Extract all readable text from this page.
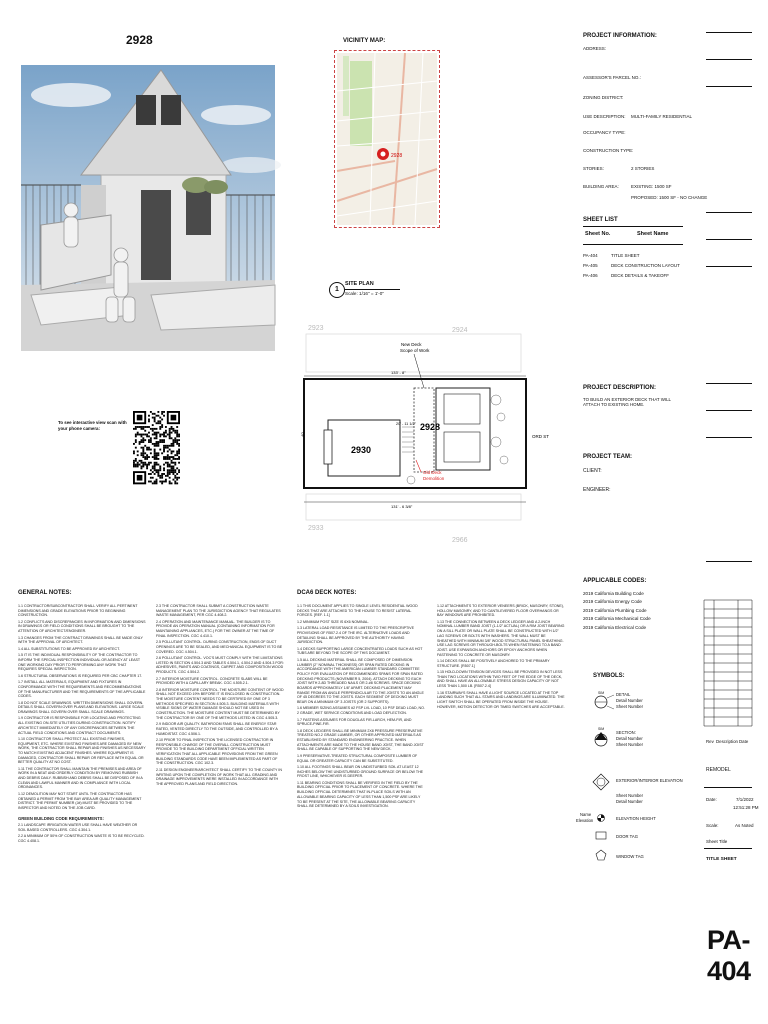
2928
To see interactive view scan with
your phone camera:
VICINITY MAP:
2928
1
SITE PLAN
Scale: 1/16" = 1'-0"
2923	2924
2933
2966
133' - 8"
131' - 6 3/8"
40'
2930
2928
20' - 11 1/2"
New Deck
Scope of Work
Old Deck
Demolition
ORD ST
PROJECT INFORMATION:
ADDRESS:
ASSESSOR'S PARCEL NO.:
ZONING DISTRICT:
USE DESCRIPTION: MULTI-FAMILY RESIDENTIAL
OCCUPANCY TYPE:
CONSTRUCTION TYPE:
STORIES:	2 STORIES
BUILDING AREA:	EXISTING: 1500 SF
PROPOSED: 1500 SF - NO CHANGE
SHEET LIST
Sheet No.	Sheet Name
PA-404	TITLE SHEET
PA-405	DECK CONSTRUCTION LAYOUT
PA-406	DECK DETAILS & TAKEOFF
PROJECT DESCRIPTION:
TO BUILD AN EXTERIOR DECK THAT WILL ATTACH TO EXISTING HOME.
PROJECT TEAM:
CLIENT:
ENGINEER:
Rev Description Date
REMODEL
Date:	7/1/2022
12:51:28 PM
Scale:	As Noted
Sheet Title
TITLE SHEET
PA-404
APPLICABLE CODES:
2019 California Building Code
2019 California Energy Code
2019 California Plumbing Code
2019 California Mechanical Code
2019 California Electrical Code
SYMBOLS:
SIM	DETAIL
Detail Number
Sheet Number
SIM
SECTION:
Detail Number
Sheet Number
EXTERIOR/INTERIOR ELEVATION
Sheet Number
Detail Number
Name
Elevation	ELEVATION HEIGHT
DOOR TAG
WINDOW TAG
GENERAL NOTES:

1.1 CONTRACTOR/SUBCONTRACTOR SHALL VERIFY ALL PERTINENT DIMENSIONS AND GRADE ELEVATIONS PRIOR TO BEGINNING CONSTRUCTION.

1.2 CONFLICTS AND DISCREPANCIES IN INFORMATION AND DIMENSIONS IN DRAWINGS OR FIELD CONDITIONS SHALL BE BROUGHT TO THE ATTENTION OF ARCHITECT/ENGINEER.

1.3 CHANGES FROM THE CONTRACT DRAWINGS SHALL BE MADE ONLY WITH THE APPROVAL OF ARCHITECT.

1.4 ALL SUBSTITUTIONS TO BE APPROVED BY ARCHITECT.

1.5 IT IS THE INDIVIDUAL RESPONSIBILITY OF THE CONTRACTOR TO INFORM THE SPECIAL INSPECTION INDIVIDUAL OR AGENCY AT LEAST ONE WORKING DAY PRIOR TO PERFORMING ANY WORK THAT REQUIRES SPECIAL INSPECTION.

1.6 STRUCTURAL OBSERVATIONS IS REQUIRED PER CBC CHAPTER 17.

1.7 INSTALL ALL MATERIALS, EQUIPMENT AND FIXTURES IN CONFORMANCE WITH THE REQUIREMENTS AND RECOMMENDATIONS OF THE MANUFACTURER AND THE REQUIREMENTS OF THE APPLICABLE CODES.

1.8 DO NOT SCALE DRAWINGS. WRITTEN DIMENSIONS SHALL GOVERN. DETAILS SHALL GOVERN OVER PLANS AND ELEVATIONS. LARGE SCALE DRAWINGS SHALL GOVERN OVER SMALL SCALE DRAWINGS.

1.9 CONTRACTOR IS RESPONSIBLE FOR LOCATING AND PROTECTING ALL EXISTING ON-SITE UTILITIES DURING CONSTRUCTION. NOTIFY ARCHITECT IMMEDIATELY OF ANY DISCREPANCIES BETWEEN THE ACTUAL FIELD CONDITIONS AND CONTRACT DOCUMENTS.

1.10 CONTRACTOR SHALL PROTECT ALL EXISTING FINISHES, EQUIPMENT, ETC. WHERE EXISTING FINISHES ARE DAMAGED BY NEW WORK, THE CONTRACTOR SHALL REPAIR AND FINISHES AS NECESSARY TO MATCH EXISTING ADJACENT FINISHES. WHERE EQUIPMENT IS DAMAGED, CONTRACTOR SHALL REPAIR OR REPLACE WITH EQUAL OR BETTER QUALITY AT NO COST.

1.11 THE CONTRACTOR SHALL MAINTAIN THE PREMISES AND AREA OF WORK IN A NEAT AND ORDERLY CONDITION BY REMOVING RUBBISH AND DEBRIS DAILY. RUBBISH AND DEBRIS SHALL BE DISPOSED OF IN A CLEAN AND LAWFUL MANNER AND IN COMPLIANCE WITH LOCAL ORDINANCES.

1.12 DEMOLITION MAY NOT START UNTIL THE CONTRACTOR HAS OBTAINED A PERMIT FROM THE BAY AREA AIR QUALITY MANAGEMENT DISTRICT. THE PERMIT NUMBER (J#) MUST BE PROVIDED TO THE INSPECTOR AND NOTED ON THE JOB CARD.

GREEN BUILDING CODE REQUIREMENTS:

2.1 LANDSCAPE IRRIGATION WATER USE SHALL HAVE WEATHER OR SOIL BASED CONTROLLERS. CGC 4.304.1.

2.2 A MINIMUM OF 50% OF CONSTRUCTION WASTE IS TO BE RECYCLED. CGC 4.408.1.

2.3 THE CONTRACTOR SHALL SUBMIT A CONSTRUCTION WASTE MANAGEMENT PLAN TO THE JURISDICTION AGENCY THAT REGULATES WASTE MANAGEMENT, PER CGC 4.408.2.

2.4 OPERATION AND MAINTENANCE MANUAL. THE BUILDER IS TO PROVIDE AN OPERATION MANUAL (CONTAINING INFORMATION FOR MAINTAINING APPLIANCES, ETC.) FOR THE OWNER AT THE TIME OF FINAL INSPECTION. CGC 4.410.1.

2.5 POLLUTANT CONTROL. DURING CONSTRUCTION, ENDS OF DUCT OPENINGS ARE TO BE SEALED, AND MECHANICAL EQUIPMENT IS TO BE COVERED. CGC 4.504.1.

2.6 POLLUTANT CONTROL. VOC'S MUST COMPLY WITH THE LIMITATIONS LISTED IN SECTION 4.504.3 AND TABLES 4.504.1, 4.504.2 AND 4.504.3 FOR: ADHESIVES, PAINTS AND COATINGS, CARPET AND COMPOSITION WOOD PRODUCTS. CGC 4.504.2.

2.7 INTERIOR MOISTURE CONTROL. CONCRETE SLABS WILL BE PROVIDED WITH A CAPILLARY BREAK. CGC 4.505.2.1.

2.8 INTERIOR MOISTURE CONTROL. THE MOISTURE CONTENT OF WOOD SHALL NOT EXCEED 19% BEFORE IT IS ENCLOSED IN CONSTRUCTION. THE MOISTURE CONTENT NEEDS TO BE CERTIFIED BY ONE OF 3 METHODS SPECIFIED IN SECTION 4.505.3. BUILDING MATERIALS WITH VISIBLE SIGNS OF WATER DAMAGE SHOULD NOT BE USED IN CONSTRUCTION. THE MOISTURE CONTENT MUST BE DETERMINED BY THE CONTRACTOR BY ONE OF THE METHODS LISTED IN CGC 4.505.3.

2.9 INDOOR AIR QUALITY. BATHROOM FANS SHALL BE ENERGY STAR RATED, VENTED DIRECTLY TO THE OUTSIDE, AND CONTROLLED BY A HUMIDISTAT. CGC 4.506.1.

2.10 PRIOR TO FINAL INSPECTION THE LICENSED CONTRACTOR IN RESPONSIBLE CHARGE OF THE OVERALL CONSTRUCTION MUST PROVIDE TO THE BUILDING DEPARTMENT OFFICIAL WRITTEN VERIFICATION THAT ALL APPLICABLE PROVISIONS FROM THE GREEN BUILDING STANDARDS CODE HAVE BEEN IMPLEMENTED AS PART OF THE CONSTRUCTION. CGC 102.3.

2.11 DESIGN ENGINEER/ARCHITECT SHALL CERTIFY TO THE COUNTY IN WRITING UPON THE COMPLETION OF WORK THAT ALL GRADING AND DRAINAGE IMPROVEMENTS WERE INSTALLED IN ACCORDANCE WITH THE APPROVED PLANS AND FIELD DIRECTION.

DCA6 DECK NOTES:

1.1 THIS DOCUMENT APPLIES TO SINGLE LEVEL RESIDENTIAL WOOD DECKS THAT ARE ATTACHED TO THE HOUSE TO RESIST LATERAL FORCES. [REF. 1.1]

1.2 MINIMUM POST SIZE IS 6X6 NOMINAL.

1.3 LATERAL LOAD RESISTANCE IS LIMITED TO THE PRESCRIPTIVE PROVISIONS OF R507.2.4 OF THE IRC. ALTERNATIVE LOADS AND DETAILING SHALL BE APPROVED BY THE AUTHORITY HAVING JURISDICTION.

1.4 DECKS SUPPORTING LARGE CONCENTRATED LOADS SUCH AS HOT TUBS ARE BEYOND THE SCOPE OF THIS DOCUMENT.

1.5 ALL DECKING MATERIAL SHALL BE COMPOSED OF DIMENSION LUMBER (2" NOMINAL THICKNESS) OR SPAN RATED DECKING IN ACCORDANCE WITH THE AMERICAN LUMBER STANDARD COMMITTEE POLICY FOR EVALUATION OF RECOMMENDED SPANS FOR SPAN RATED DECKING PRODUCTS (NOVEMBER 5, 2004). ATTACH DECKING TO EACH JOIST WITH 2-8D THREADED NAILS OR 2-#8 SCREWS. SPACE DECKING BOARDS APPROXIMATELY 1/8" APART. DECKING PLACEMENT MAY RANGE FROM AN ANGLE PERPENDICULAR TO THE JOISTS TO AN ANGLE OF 45 DEGREES TO THE JOISTS. EACH SEGMENT OF DECKING MUST BEAR ON A MINIMUM OF 3 JOISTS (OR 2 SUPPORTS).

1.6 MEMBER SIZING ASSUMES #2 FSP LVL LOAD, 10 PSF DEAD LOAD, NO. 2 GRADE, WET SERVICE CONDITIONS AND LOAD DEFLECTION.

1.7 FASTENS ASSUMES FOR DOUGLAS FIR-LARCH, HEM-FIR, AND SPRUCE-PINE-FIR.

1.8 DECK LEDGERS SHALL BE MINIMUM 2X8 PRESSURE PRESERVATIVE TREATED NO.2 GRADE LUMBER, OR OTHER APPROVED MATERIALS AS ESTABLISHED BY STANDARD ENGINEERING PRACTICE. WHEN ATTACHMENTS ARE MADE TO THE HOUSE BAND JOIST, THE BAND JOIST SHALL BE CAPABLE OF SUPPORTING THE NEW DECK.

1.9 PRESERVATIVE-TREATED STRUCTURAL COMPOSITE LUMBER OF EQUAL OR GREATER CAPACITY CAN BE SUBSTITUTED.

1.10 ALL FOOTINGS SHALL BEAR ON UNDISTURBED SOIL AT LEAST 12 INCHES BELOW THE UNDISTURBED GROUND SURFACE OR BELOW THE FROST LINE, WHICHEVER IS DEEPER.

1.11 BEARING CONDITIONS SHALL BE VERIFIED IN THE FIELD BY THE BUILDING OFFICIAL PRIOR TO PLACEMENT OF CONCRETE. WHERE THE BUILDING OFFICIAL DETERMINES THAT IN-PLACE SOILS WITH AN ALLOWABLE BEARING CAPACITY OF LESS THAN 1,500 PSF ARE LIKELY TO BE PRESENT AT THE SITE, THE ALLOWABLE BEARING CAPACITY SHALL BE DETERMINED BY A SOILS INVESTIGATION.

1.12 ATTACHMENTS TO EXTERIOR VENEERS (BRICK, MASONRY, STONE), HOLLOW MASONRY, AND TO CANTILEVERED FLOOR OVERHANGS OR BAY WINDOWS ARE PROHIBITED.

1.13 THE CONNECTION BETWEEN A DECK LEDGER AND A 2-INCH NOMINAL LUMBER BAND JOIST (1-1/2" ACTUAL) OR A RIM JOIST BEARING ON A SILL PLATE OR WALL PLATE SHALL BE CONSTRUCTED WITH 1/2" LAG SCREWS OR BOLTS WITH WASHERS. THE WALL MUST BE SHEATHED WITH MINIMUM 3/8" WOOD STRUCTURAL PANEL SHEATHING. USE LAG SCREWS OR THROUGH-BOLTS WHEN FASTENING TO A BAND JOIST. USE EXPANSION ANCHORS OR EPOXY ANCHORS WHEN FASTENING TO CONCRETE OR MASONRY.

1.14 DECKS SHALL BE POSITIVELY ANCHORED TO THE PRIMARY STRUCTURE. [R507.1]

1.15 HOLD-DOWN TENSION DEVICES SHALL BE PROVIDED IN NOT LESS THAN TWO LOCATIONS WITHIN TWO FEET OF THE EDGE OF THE DECK, AND SHALL HAVE AN ALLOWABLE STRESS DESIGN CAPACITY OF NOT LESS THAN 1,500 LB. [R507.2.4]

1.16 STAIRWAYS SHALL HAVE A LIGHT SOURCE LOCATED AT THE TOP LANDING SUCH THAT ALL STAIRS AND LANDINGS ARE ILLUMINATED. THE LIGHT SWITCH SHALL BE OPERATED FROM INSIDE THE HOUSE. HOWEVER, MOTION DETECTOR OR TIMED SWITCHES ARE ACCEPTABLE.
